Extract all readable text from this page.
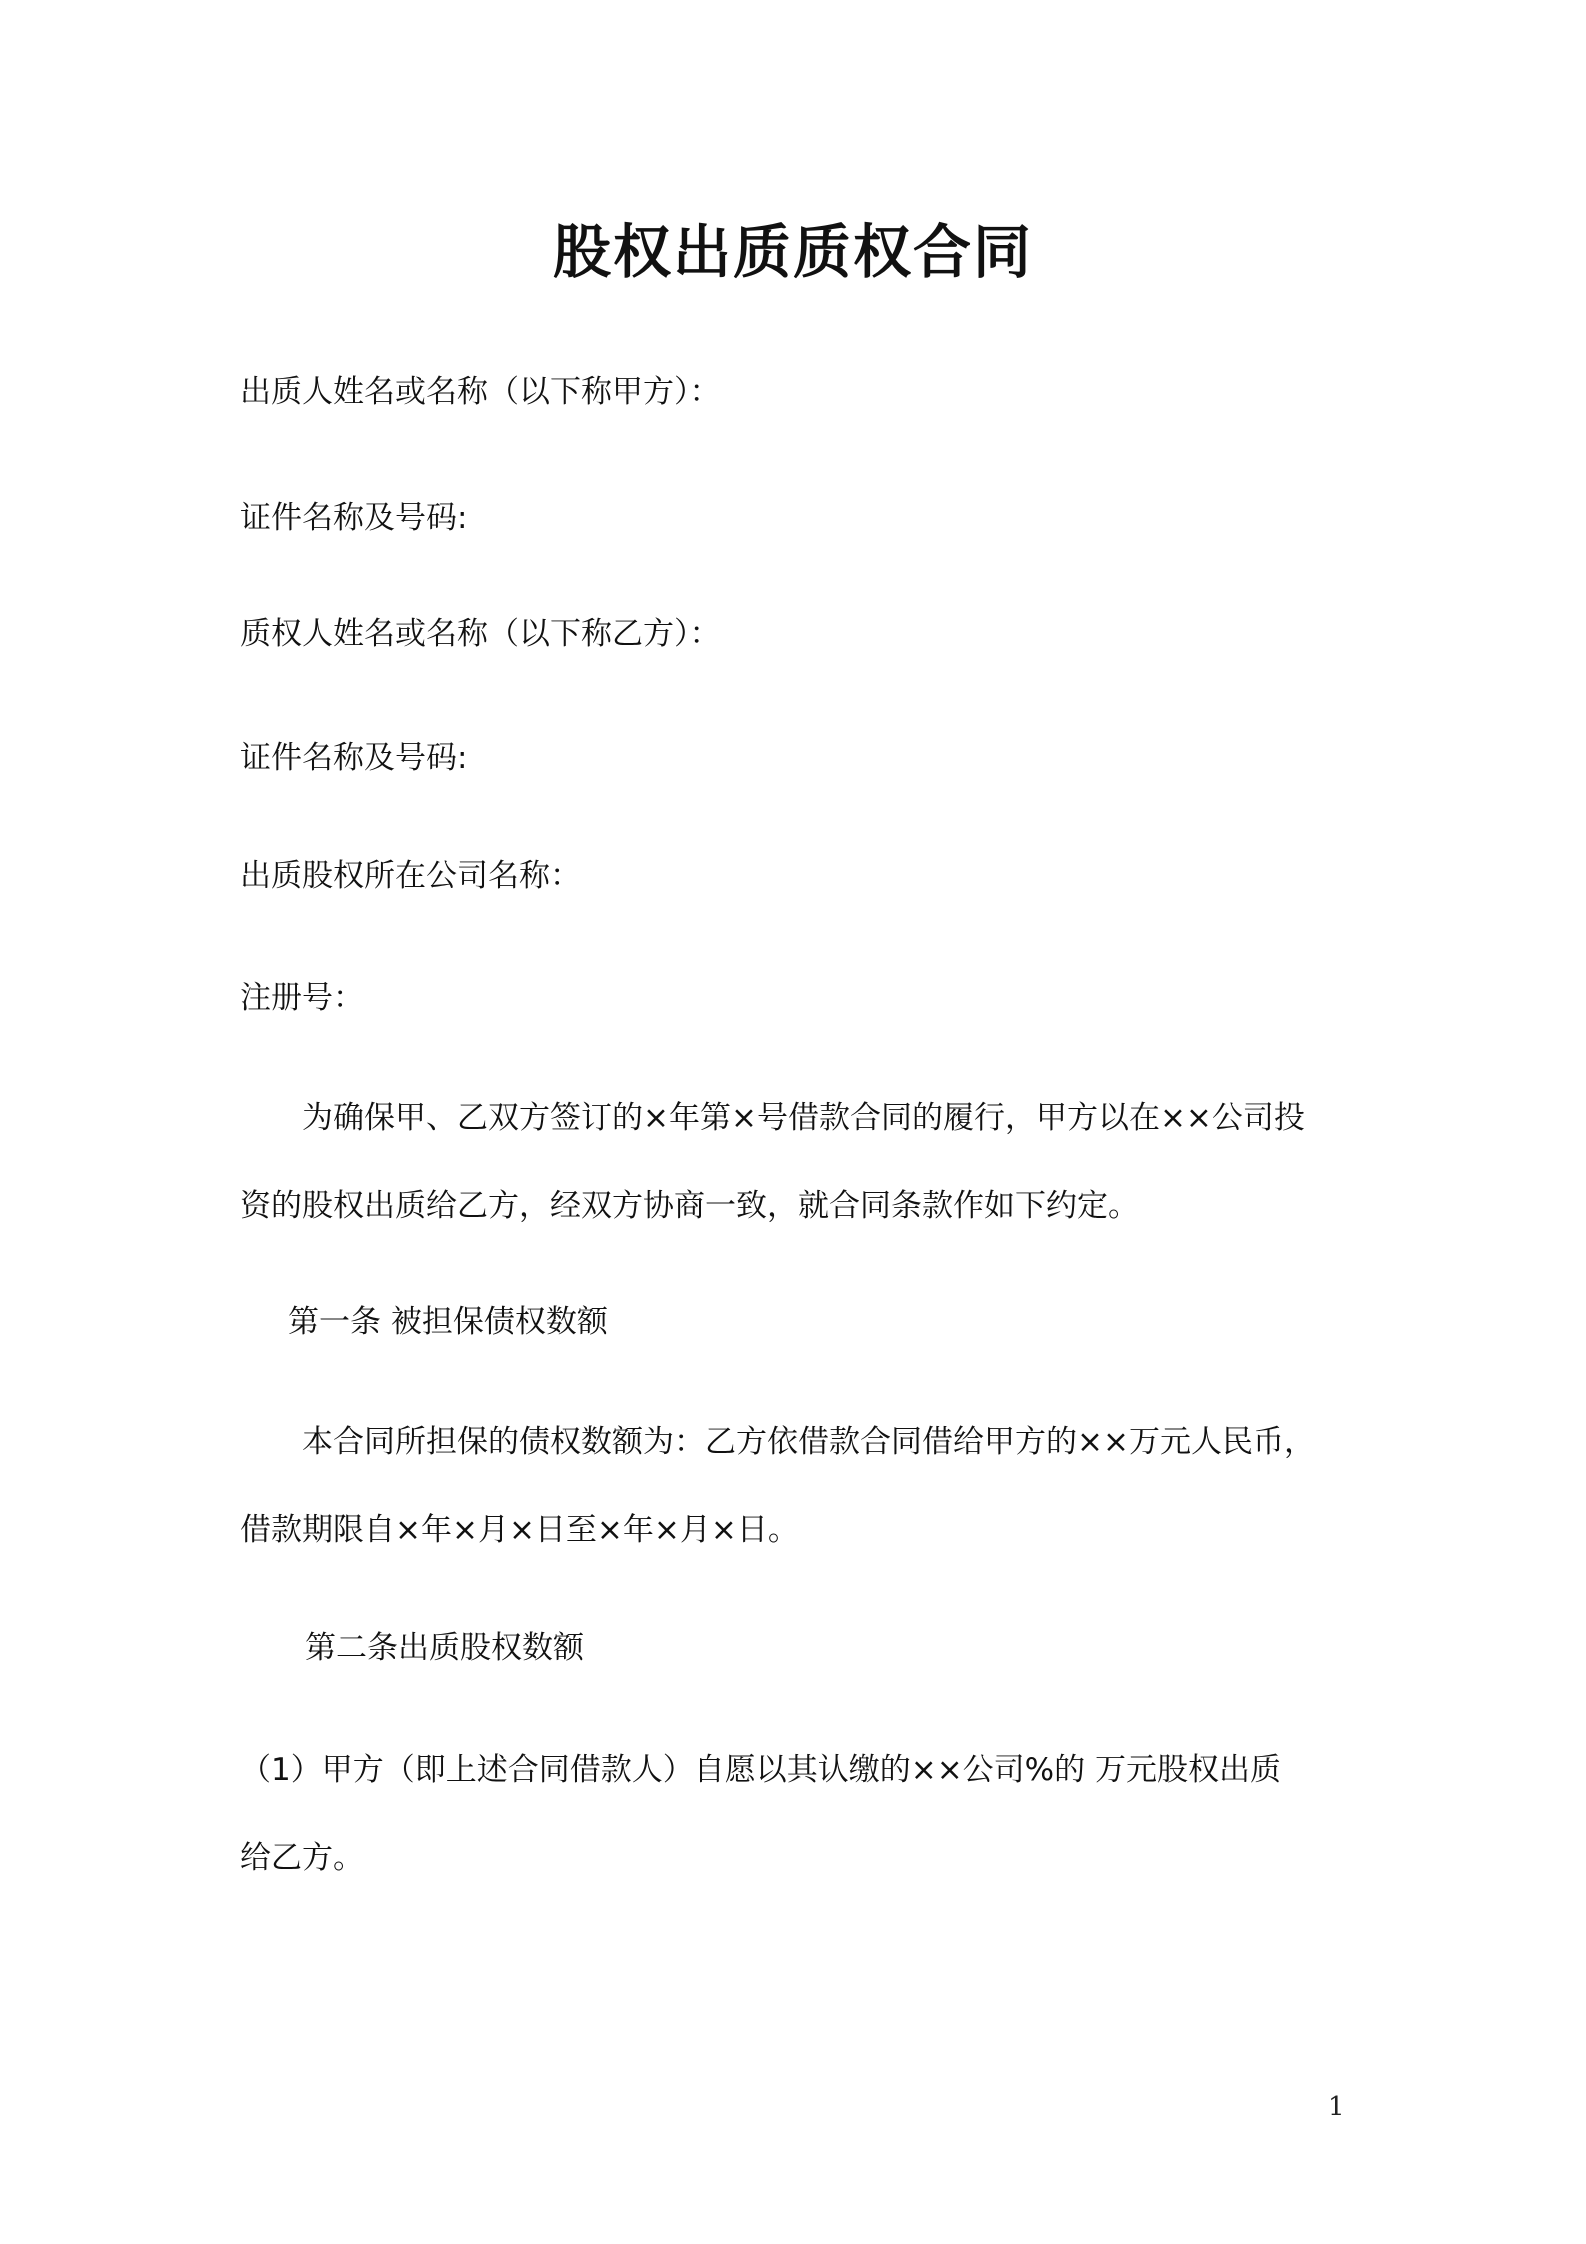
股权出质质权合同

出质人姓名或名称（以下称甲方）：

证件名称及号码:

质权人姓名或名称（以下称乙方）：

证件名称及号码:

出质股权所在公司名称：

注册号：

为确保甲、乙双方签订的×年第×号借款合同的履行，甲方以在××公司投

资的股权出质给乙方，经双方协商一致，就合同条款作如下约定。

第一条 被担保债权数额

本合同所担保的债权数额为：乙方依借款合同借给甲方的××万元人民币，

借款期限自×年×月×日至×年×月×日。

第二条出质股权数额

（1）甲方（即上述合同借款人）自愿以其认缴的××公司%的 万元股权出质

给乙方。

1
